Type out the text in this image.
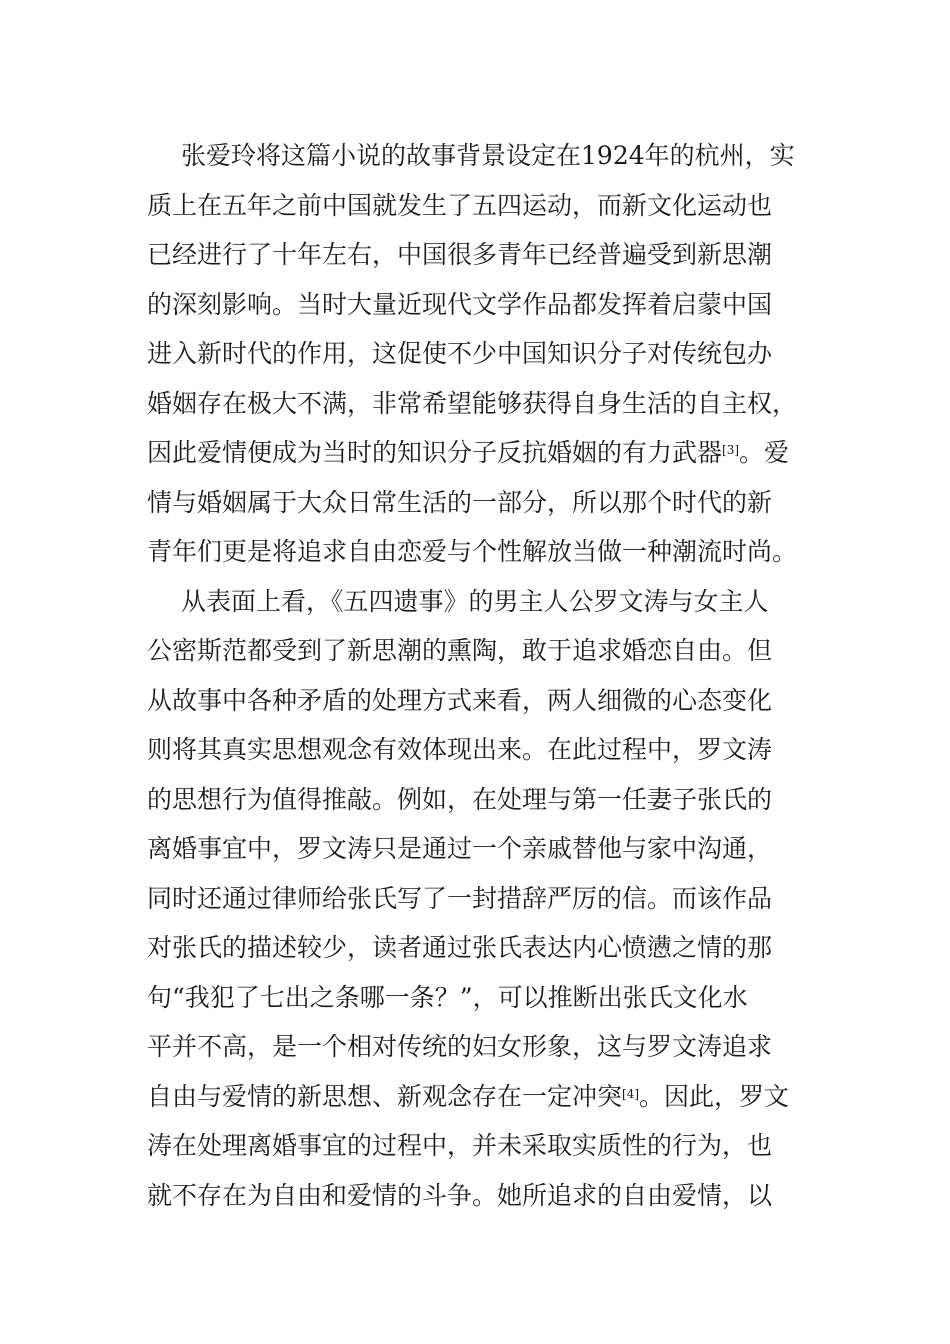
张爱玲将这篇小说的故事背景设定在1924年的杭州，实
质上在五年之前中国就发生了五四运动，而新文化运动也
已经进行了十年左右，中国很多青年已经普遍受到新思潮
的深刻影响。当时大量近现代文学作品都发挥着启蒙中国
进入新时代的作用，这促使不少中国知识分子对传统包办
婚姻存在极大不满，非常希望能够获得自身生活的自主权，
因此爱情便成为当时的知识分子反抗婚姻的有力武器[3]。爱
情与婚姻属于大众日常生活的一部分，所以那个时代的新
青年们更是将追求自由恋爱与个性解放当做一种潮流时尚。
从表面上看，《五四遗事》的男主人公罗文涛与女主人
公密斯范都受到了新思潮的熏陶，敢于追求婚恋自由。但
从故事中各种矛盾的处理方式来看，两人细微的心态变化
则将其真实思想观念有效体现出来。在此过程中，罗文涛
的思想行为值得推敲。例如，在处理与第一任妻子张氏的
离婚事宜中，罗文涛只是通过一个亲戚替他与家中沟通，
同时还通过律师给张氏写了一封措辞严厉的信。而该作品
对张氏的描述较少，读者通过张氏表达内心愤懑之情的那
句“我犯了七出之条哪一条？”，可以推断出张氏文化水
平并不高，是一个相对传统的妇女形象，这与罗文涛追求
自由与爱情的新思想、新观念存在一定冲突[4]。因此，罗文
涛在处理离婚事宜的过程中，并未采取实质性的行为，也
就不存在为自由和爱情的斗争。她所追求的自由爱情，以
